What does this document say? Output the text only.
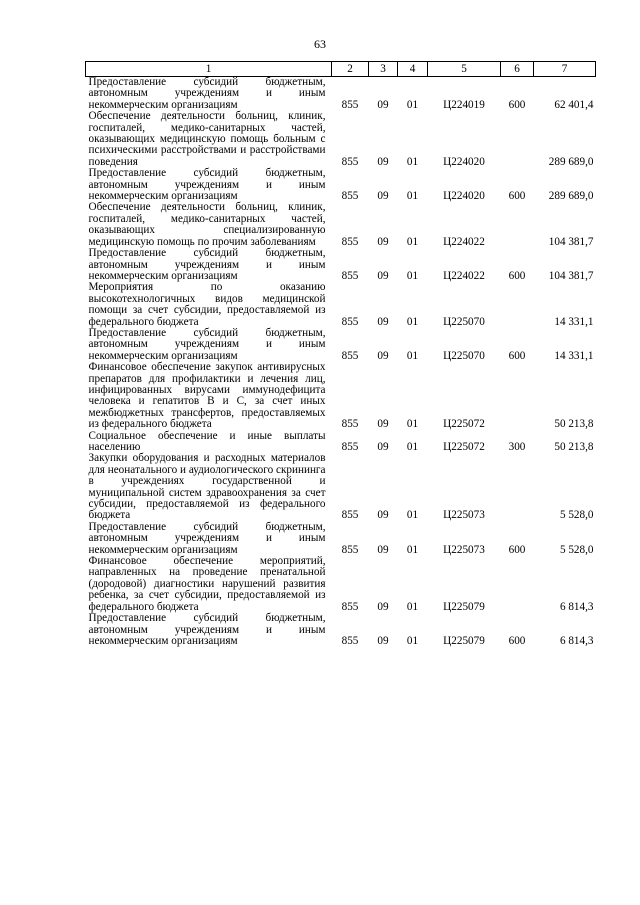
63
1	2	3	4	5	6	7
Предоставление субсидий бюджетным, автономным учреждениям и иным некоммерческим организациям	855	09	01	Ц224019	600	62 401,4
Обеспечение деятельности больниц, клиник, госпиталей, медико-санитарных частей, оказывающих медицинскую помощь больным с психическими расстройствами и расстройствами поведения	855	09	01	Ц224020		289 689,0
Предоставление субсидий бюджетным, автономным учреждениям и иным некоммерческим организациям	855	09	01	Ц224020	600	289 689,0
Обеспечение деятельности больниц, клиник, госпиталей, медико-санитарных частей, оказывающих специализированную медицинскую помощь по прочим заболеваниям	855	09	01	Ц224022		104 381,7
Предоставление субсидий бюджетным, автономным учреждениям и иным некоммерческим организациям	855	09	01	Ц224022	600	104 381,7
Мероприятия по оказанию высокотехнологичных видов медицинской помощи за счет субсидии, предоставляемой из федерального бюджета	855	09	01	Ц225070		14 331,1
Предоставление субсидий бюджетным, автономным учреждениям и иным некоммерческим организациям	855	09	01	Ц225070	600	14 331,1
Финансовое обеспечение закупок антивирусных препаратов для профилактики и лечения лиц, инфицированных вирусами иммунодефицита человека и гепатитов B и C, за счет иных межбюджетных трансфертов, предоставляемых из федерального бюджета	855	09	01	Ц225072		50 213,8
Социальное обеспечение и иные выплаты населению	855	09	01	Ц225072	300	50 213,8
Закупки оборудования и расходных материалов для неонатального и аудиологического скрининга в учреждениях государственной и муниципальной систем здравоохранения за счет субсидии, предоставляемой из федерального бюджета	855	09	01	Ц225073		5 528,0
Предоставление субсидий бюджетным, автономным учреждениям и иным некоммерческим организациям	855	09	01	Ц225073	600	5 528,0
Финансовое обеспечение мероприятий, направленных на проведение пренатальной (дородовой) диагностики нарушений развития ребенка, за счет субсидии, предоставляемой из федерального бюджета	855	09	01	Ц225079		6 814,3
Предоставление субсидий бюджетным, автономным учреждениям и иным некоммерческим организациям	855	09	01	Ц225079	600	6 814,3
